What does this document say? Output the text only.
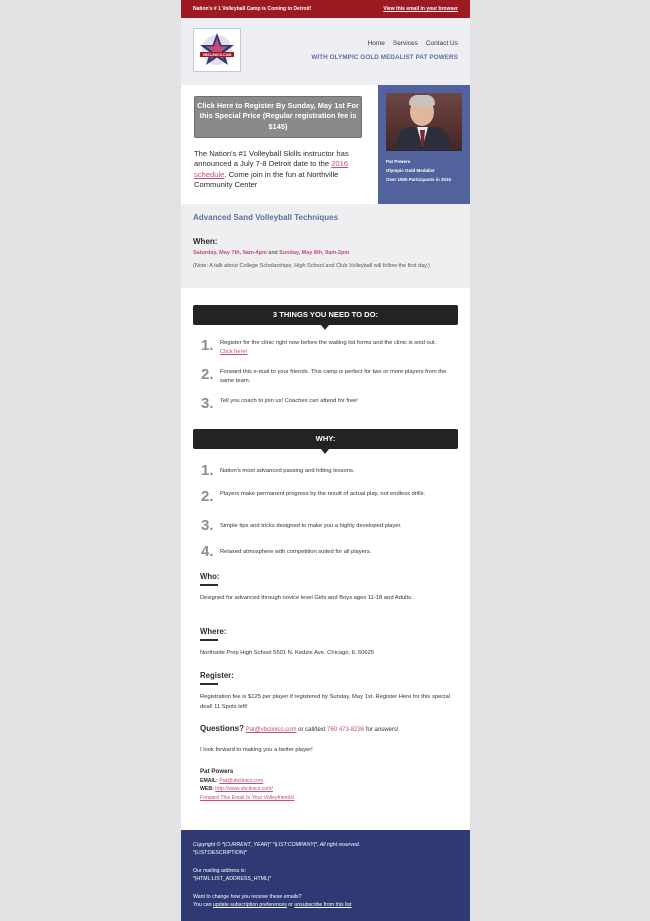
Nation's # 1 Volleyball Camp is Coming to Detroit!	View this email in your browser
VBCLINICS.COM
Home Services Contact Us
WITH OLYMPIC GOLD MEDALIST PAT POWERS
Click Here to Register By Sunday, May 1st For this Special Price (Regular registration fee is $145)
The Nation's #1 Volleyball Skills instructor has announced a July 7-8 Detroit date to the 2016 schedule. Come join in the fun at Northville Community Center
Pat Powers
Olympic Gold Medalist
Over 1900 Participants in 2015
Advanced Sand Volleyball Techniques
When:
Saturday, May 7th, 9am-4pm and Sunday, May 8th, 9am-2pm
(Note: A talk about College Scholarships, High School and Club Volleyball will follow the first day.)
3 THINGS YOU NEED TO DO:
1. Register for the clinic right now before the waiting list forms and the clinic is sold out. Click here!
2. Forward this e-mail to your friends. This camp is perfect for two or more players from the same team.
3. Tell you coach to join us! Coaches can attend for free!
WHY:
1. Nation's most advanced passing and hitting lessons.
2. Players make permanent progress by the result of actual play, not endless drills.
3. Simple tips and tricks designed to make you a highly developed player.
4. Relaxed atmosphere with competition suited for all players.
Who:
Designed for advanced through novice level Girls and Boys ages 11-18 and Adults.
Where:
Northside Prep High School 5501 N. Kedzie Ave. Chicago, IL 60625
Register:
Registration fee is $125 per player if registered by Sunday, May 1st. Register Here for this special deal! 11 Spots left!
Questions? Pat@vbclinics.com or call/text 760 473-8236 for answers!
I look forward to making you a better player!
Pat Powers
EMAIL: Pat@vbclinics.com
WEB: http://www.vbclinics.com/
Forward This Email to Your Volleyfriends!
Copyright © *|CURRENT_YEAR|* *|LIST:COMPANY|*, All right reserved.
*|LIST:DESCRIPTION|*
Our mailing address is:
*|HTML:LIST_ADDRESS_HTML|*
Want to change how you receive these emails?
You can update subscription preferences or unsubscribe from this list
